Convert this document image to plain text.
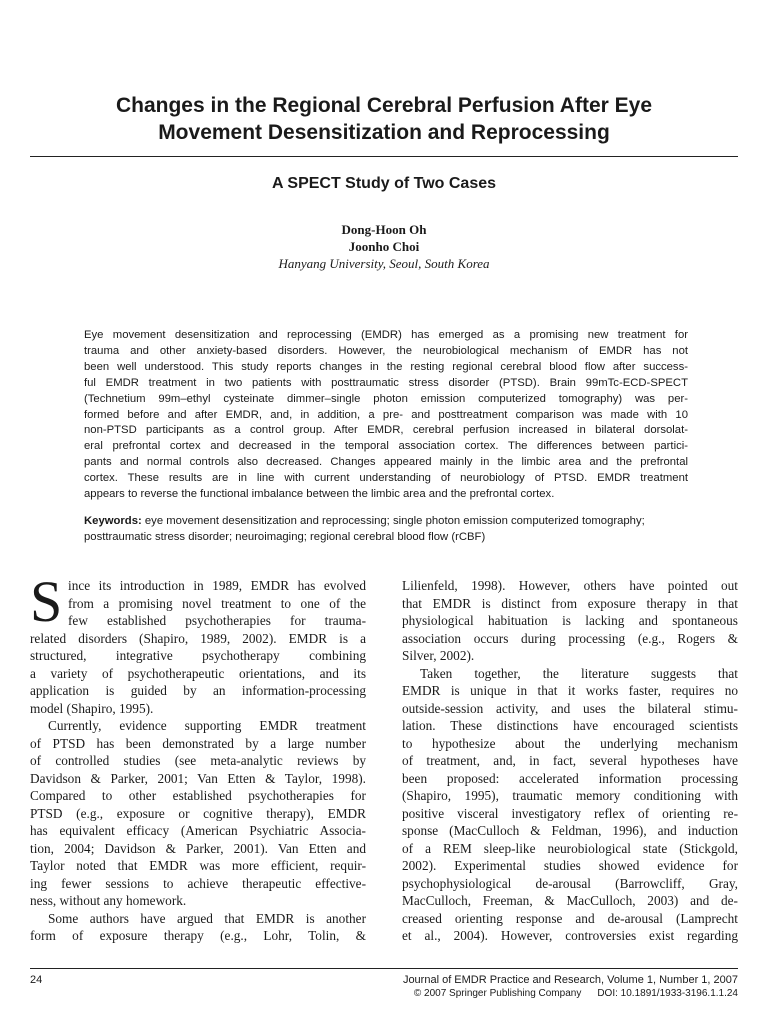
Changes in the Regional Cerebral Perfusion After Eye
Movement Desensitization and Reprocessing
A SPECT Study of Two Cases
Dong-Hoon Oh
Joonho Choi
Hanyang University, Seoul, South Korea
Eye movement desensitization and reprocessing (EMDR) has emerged as a promising new treatment for
trauma and other anxiety-based disorders. However, the neurobiological mechanism of EMDR has not
been well understood. This study reports changes in the resting regional cerebral blood flow after success-
ful EMDR treatment in two patients with posttraumatic stress disorder (PTSD). Brain 99mTc-ECD-SPECT
(Technetium 99m–ethyl cysteinate dimmer–single photon emission computerized tomography) was per-
formed before and after EMDR, and, in addition, a pre- and posttreatment comparison was made with 10
non-PTSD participants as a control group. After EMDR, cerebral perfusion increased in bilateral dorsolat-
eral prefrontal cortex and decreased in the temporal association cortex. The differences between partici-
pants and normal controls also decreased. Changes appeared mainly in the limbic area and the prefrontal
cortex. These results are in line with current understanding of neurobiology of PTSD. EMDR treatment
appears to reverse the functional imbalance between the limbic area and the prefrontal cortex.
Keywords: eye movement desensitization and reprocessing; single photon emission computerized tomography;
posttraumatic stress disorder; neuroimaging; regional cerebral blood flow (rCBF)
S ince its introduction in 1989, EMDR has evolved
from a promising novel treatment to one of the
few established psychotherapies for trauma-
related disorders (Shapiro, 1989, 2002). EMDR is a
structured, integrative psychotherapy combining
a variety of psychotherapeutic orientations, and its
application is guided by an information-processing
model (Shapiro, 1995).
Currently, evidence supporting EMDR treatment
of PTSD has been demonstrated by a large number
of controlled studies (see meta-analytic reviews by
Davidson & Parker, 2001; Van Etten & Taylor, 1998).
Compared to other established psychotherapies for
PTSD (e.g., exposure or cognitive therapy), EMDR
has equivalent efficacy (American Psychiatric Associa-
tion, 2004; Davidson & Parker, 2001). Van Etten and
Taylor noted that EMDR was more efficient, requir-
ing fewer sessions to achieve therapeutic effective-
ness, without any homework.
Some authors have argued that EMDR is another
form of exposure therapy (e.g., Lohr, Tolin, &
Lilienfeld, 1998). However, others have pointed out
that EMDR is distinct from exposure therapy in that
physiological habituation is lacking and spontaneous
association occurs during processing (e.g., Rogers &
Silver, 2002).
Taken together, the literature suggests that
EMDR is unique in that it works faster, requires no
outside-session activity, and uses the bilateral stimu-
lation. These distinctions have encouraged scientists
to hypothesize about the underlying mechanism
of treatment, and, in fact, several hypotheses have
been proposed: accelerated information processing
(Shapiro, 1995), traumatic memory conditioning with
positive visceral investigatory reflex of orienting re-
sponse (MacCulloch & Feldman, 1996), and induction
of a REM sleep-like neurobiological state (Stickgold,
2002). Experimental studies showed evidence for
psychophysiological de-arousal (Barrowcliff, Gray,
MacCulloch, Freeman, & MacCulloch, 2003) and de-
creased orienting response and de-arousal (Lamprecht
et al., 2004). However, controversies exist regarding
24	Journal of EMDR Practice and Research, Volume 1, Number 1, 2007
© 2007 Springer Publishing Company DOI: 10.1891/1933-3196.1.1.24
